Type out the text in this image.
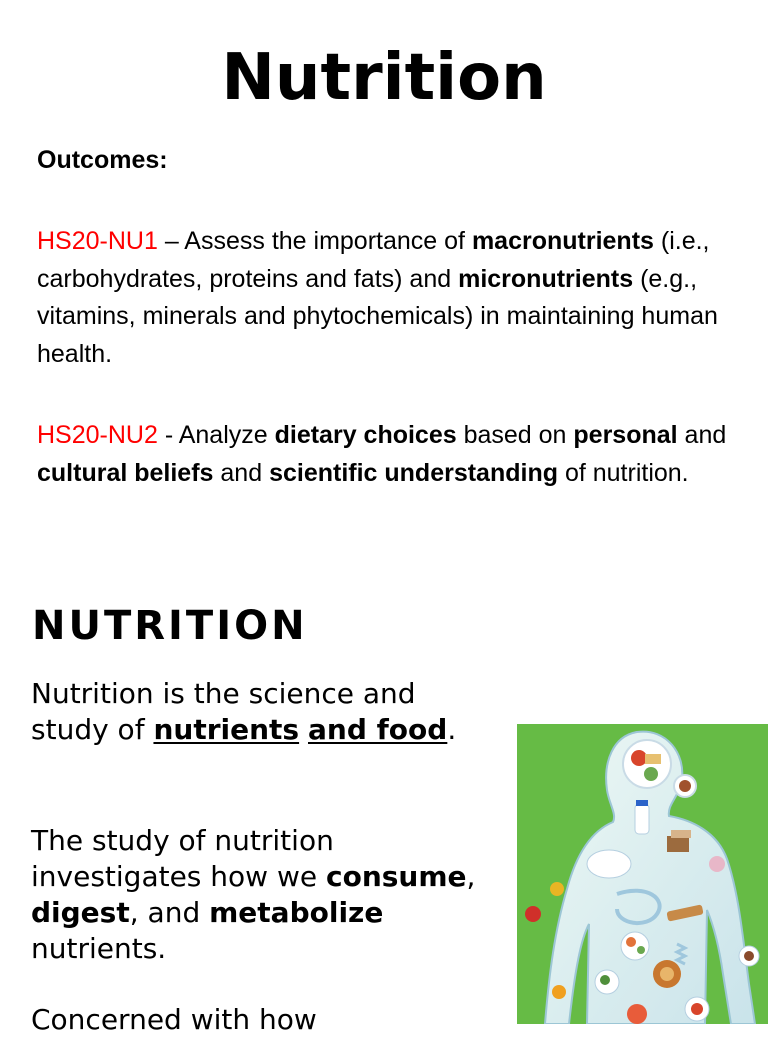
Nutrition

Outcomes:

HS20-NU1 – Assess the importance of macronutrients (i.e., carbohydrates, proteins and fats) and micronutrients (e.g., vitamins, minerals and phytochemicals) in maintaining human health.

HS20-NU2 - Analyze dietary choices based on personal and cultural beliefs and scientific understanding of nutrition.

NUTRITION

Nutrition is the science and study of nutrients and food.

The study of nutrition investigates how we consume, digest, and metabolize nutrients.

Concerned with how
